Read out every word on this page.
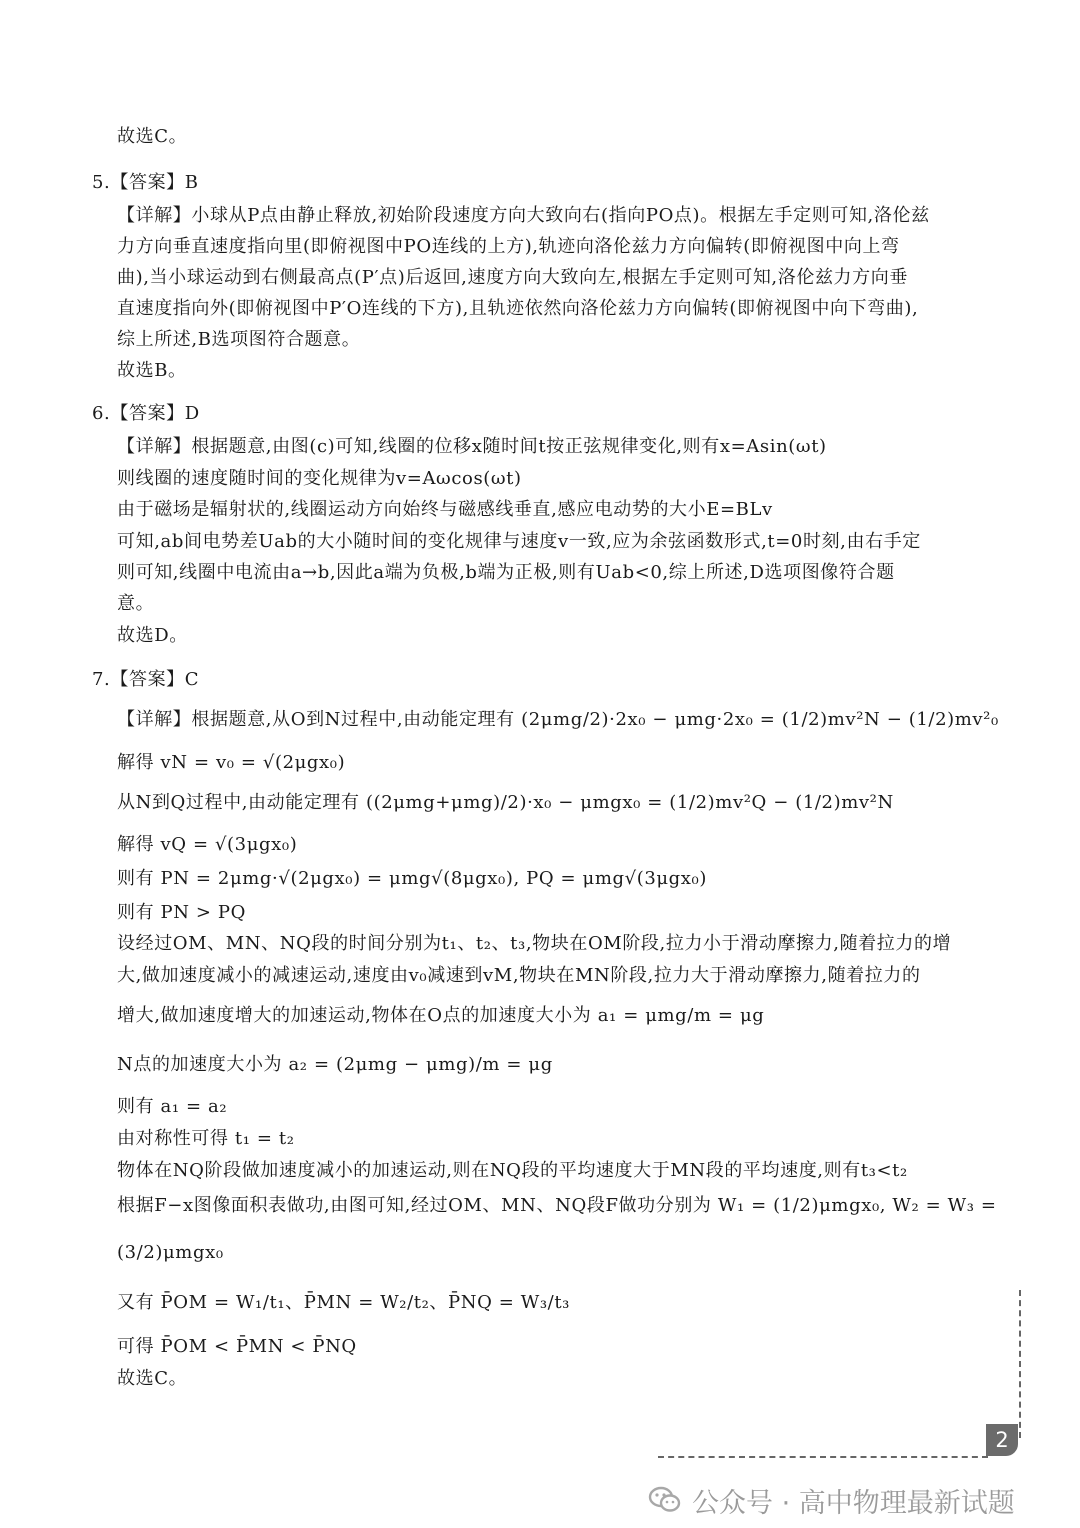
故选C。
5.【答案】B
【详解】小球从P点由静止释放,初始阶段速度方向大致向右(指向PO点)。根据左手定则可知,洛伦兹
力方向垂直速度指向里(即俯视图中PO连线的上方),轨迹向洛伦兹力方向偏转(即俯视图中向上弯
曲),当小球运动到右侧最高点(P′点)后返回,速度方向大致向左,根据左手定则可知,洛伦兹力方向垂
直速度指向外(即俯视图中P′O连线的下方),且轨迹依然向洛伦兹力方向偏转(即俯视图中向下弯曲),
综上所述,B选项图符合题意。
故选B。
6.【答案】D
【详解】根据题意,由图(c)可知,线圈的位移x随时间t按正弦规律变化,则有x=Asin(ωt)
则线圈的速度随时间的变化规律为v=Aωcos(ωt)
由于磁场是辐射状的,线圈运动方向始终与磁感线垂直,感应电动势的大小E=BLv
可知,ab间电势差Uab的大小随时间的变化规律与速度v一致,应为余弦函数形式,t=0时刻,由右手定
则可知,线圈中电流由a→b,因此a端为负极,b端为正极,则有Uab<0,综上所述,D选项图像符合题
意。
故选D。
7.【答案】C
【详解】根据题意,从O到N过程中,由动能定理有 (2μmg/2)·2x₀ − μmg·2x₀ = (1/2)mv²N − (1/2)mv²₀
解得 vN = v₀ = √(2μgx₀)
从N到Q过程中,由动能定理有 ((2μmg+μmg)/2)·x₀ − μmgx₀ = (1/2)mv²Q − (1/2)mv²N
解得 vQ = √(3μgx₀)
则有 PN = 2μmg·√(2μgx₀) = μmg√(8μgx₀), PQ = μmg√(3μgx₀)
则有 PN > PQ
设经过OM、MN、NQ段的时间分别为t₁、t₂、t₃,物块在OM阶段,拉力小于滑动摩擦力,随着拉力的增
大,做加速度减小的减速运动,速度由v₀减速到vM,物块在MN阶段,拉力大于滑动摩擦力,随着拉力的
增大,做加速度增大的加速运动,物体在O点的加速度大小为 a₁ = μmg/m = μg
N点的加速度大小为 a₂ = (2μmg − μmg)/m = μg
则有 a₁ = a₂
由对称性可得 t₁ = t₂
物体在NQ阶段做加速度减小的加速运动,则在NQ段的平均速度大于MN段的平均速度,则有t₃<t₂
根据F−x图像面积表做功,由图可知,经过OM、MN、NQ段F做功分别为 W₁ = (1/2)μmgx₀, W₂ = W₃ =
(3/2)μmgx₀
又有 P̄OM = W₁/t₁、P̄MN = W₂/t₂、P̄NQ = W₃/t₃
可得 P̄OM < P̄MN < P̄NQ
故选C。
2
公众号 · 高中物理最新试题
